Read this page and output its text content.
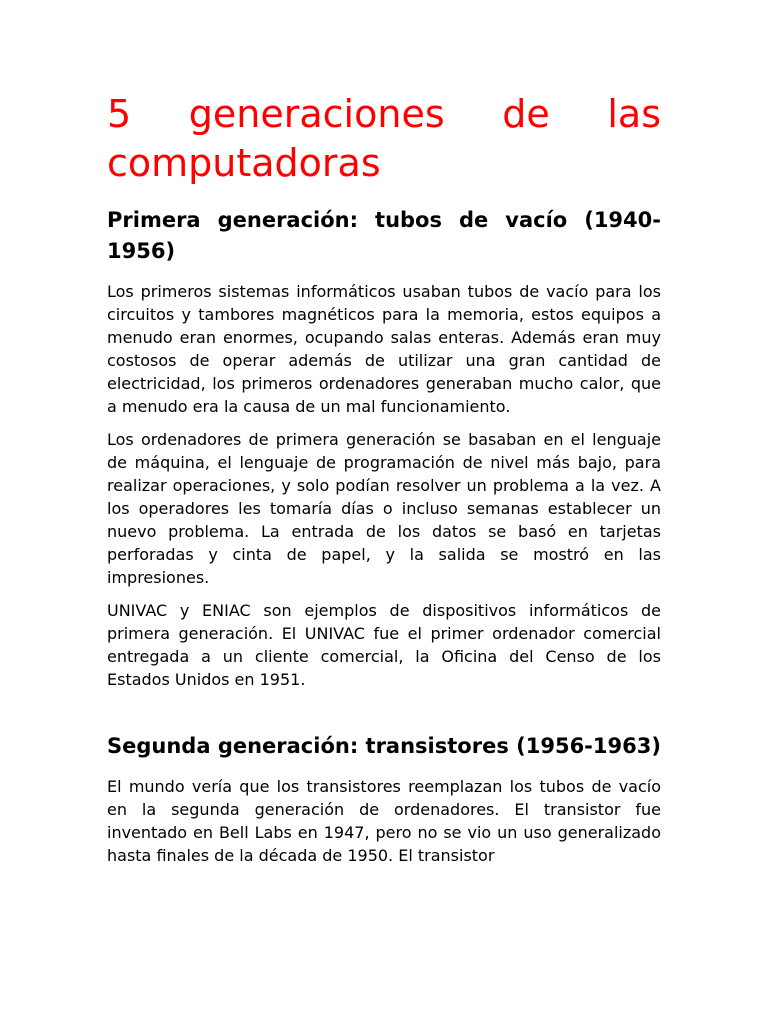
5 generaciones de las computadoras
Primera generación: tubos de vacío (1940-1956)

Los primeros sistemas informáticos usaban tubos de vacío para los circuitos y tambores magnéticos para la memoria, estos equipos a menudo eran enormes, ocupando salas enteras. Además eran muy costosos de operar además de utilizar una gran cantidad de electricidad, los primeros ordenadores generaban mucho calor, que a menudo era la causa de un mal funcionamiento.

Los ordenadores de primera generación se basaban en el lenguaje de máquina, el lenguaje de programación de nivel más bajo, para realizar operaciones, y solo podían resolver un problema a la vez. A los operadores les tomaría días o incluso semanas establecer un nuevo problema. La entrada de los datos se basó en tarjetas perforadas y cinta de papel, y la salida se mostró en las impresiones.

UNIVAC y ENIAC son ejemplos de dispositivos informáticos de primera generación. El UNIVAC fue el primer ordenador comercial entregada a un cliente comercial, la Oficina del Censo de los Estados Unidos en 1951.

Segunda generación: transistores (1956-1963)

El mundo vería que los transistores reemplazan los tubos de vacío en la segunda generación de ordenadores. El transistor fue inventado en Bell Labs en 1947, pero no se vio un uso generalizado hasta finales de la década de 1950. El transistor
